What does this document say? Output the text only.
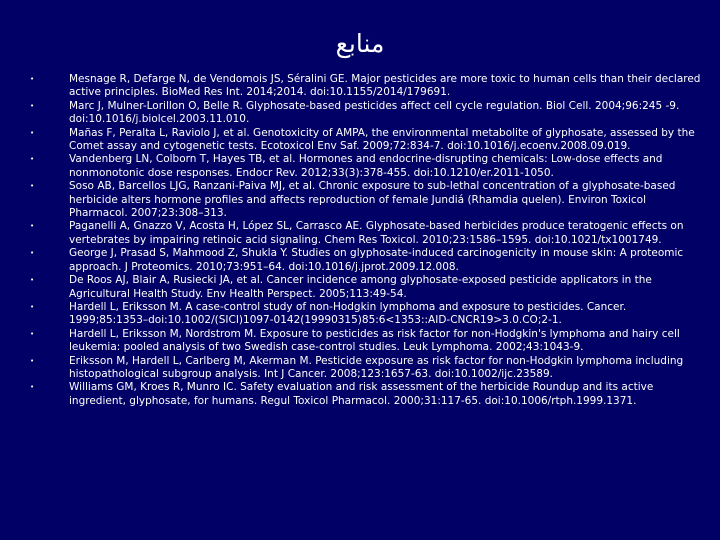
منابع
•	Mesnage R, Defarge N, de Vendomois JS, Séralini GE. Major pesticides are more toxic to human cells than their declared active principles. BioMed Res Int. 2014;2014. doi:10.1155/2014/179691.
•	Marc J, Mulner-Lorillon O, Belle R. Glyphosate-based pesticides affect cell cycle regulation. Biol Cell. 2004;96:245 -9. doi:10.1016/j.biolcel.2003.11.010.
•	Mañas F, Peralta L, Raviolo J, et al. Genotoxicity of AMPA, the environmental metabolite of glyphosate, assessed by the Comet assay and cytogenetic tests. Ecotoxicol Env Saf. 2009;72:834-7. doi:10.1016/j.ecoenv.2008.09.019.
•	Vandenberg LN, Colborn T, Hayes TB, et al. Hormones and endocrine-disrupting chemicals: Low-dose effects and nonmonotonic dose responses. Endocr Rev. 2012;33(3):378-455. doi:10.1210/er.2011-1050.
•	Soso AB, Barcellos LJG, Ranzani-Paiva MJ, et al. Chronic exposure to sub-lethal concentration of a glyphosate-based herbicide alters hormone profiles and affects reproduction of female Jundiá (Rhamdia quelen). Environ Toxicol Pharmacol. 2007;23:308–313.
•	Paganelli A, Gnazzo V, Acosta H, López SL, Carrasco AE. Glyphosate-based herbicides produce teratogenic effects on vertebrates by impairing retinoic acid signaling. Chem Res Toxicol. 2010;23:1586–1595. doi:10.1021/tx1001749.
•	George J, Prasad S, Mahmood Z, Shukla Y. Studies on glyphosate-induced carcinogenicity in mouse skin: A proteomic approach. J Proteomics. 2010;73:951–64. doi:10.1016/j.jprot.2009.12.008.
•	De Roos AJ, Blair A, Rusiecki JA, et al. Cancer incidence among glyphosate-exposed pesticide applicators in the Agricultural Health Study. Env Health Perspect. 2005;113:49-54.
•	Hardell L, Eriksson M. A case-control study of non-Hodgkin lymphoma and exposure to pesticides. Cancer. 1999;85:1353–doi:10.1002/(SICI)1097-0142(19990315)85:6<1353::AID-CNCR19>3.0.CO;2-1.
•	Hardell L, Eriksson M, Nordstrom M. Exposure to pesticides as risk factor for non-Hodgkin's lymphoma and hairy cell leukemia: pooled analysis of two Swedish case-control studies. Leuk Lymphoma. 2002;43:1043-9.
•	Eriksson M, Hardell L, Carlberg M, Akerman M. Pesticide exposure as risk factor for non-Hodgkin lymphoma including histopathological subgroup analysis. Int J Cancer. 2008;123:1657-63. doi:10.1002/ijc.23589.
•	Williams GM, Kroes R, Munro IC. Safety evaluation and risk assessment of the herbicide Roundup and its active ingredient, glyphosate, for humans. Regul Toxicol Pharmacol. 2000;31:117-65. doi:10.1006/rtph.1999.1371.
